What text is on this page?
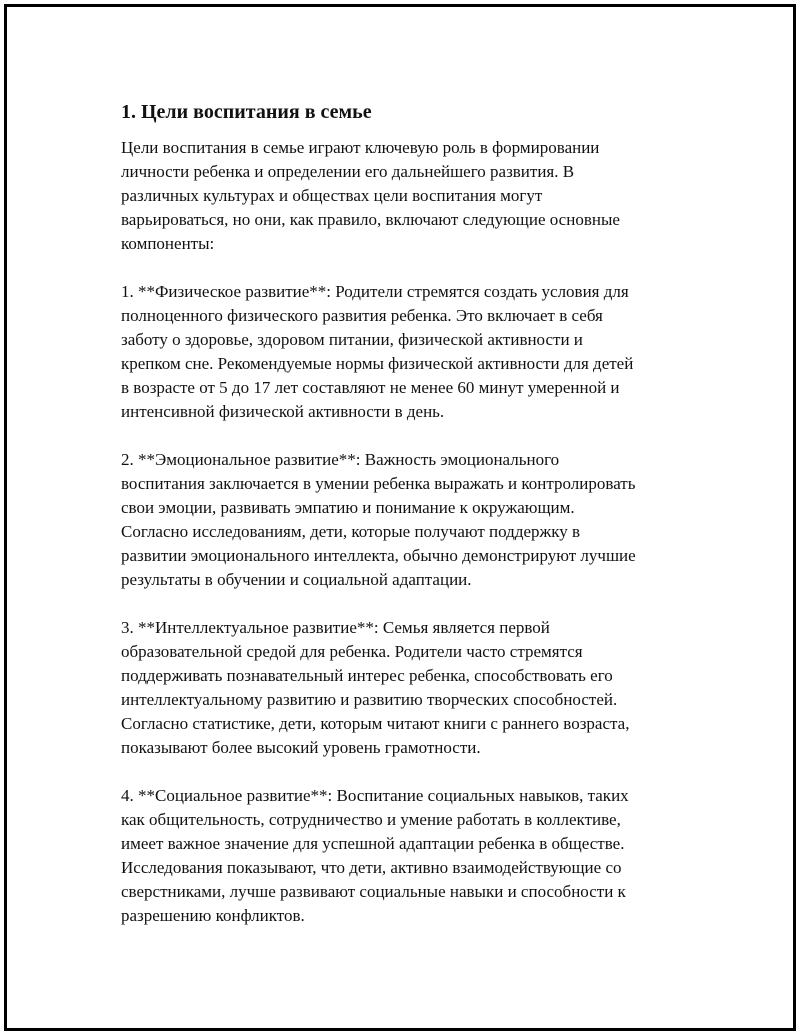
1. Цели воспитания в семье

Цели воспитания в семье играют ключевую роль в формировании
личности ребенка и определении его дальнейшего развития. В
различных культурах и обществах цели воспитания могут
варьироваться, но они, как правило, включают следующие основные
компоненты:

1. **Физическое развитие**: Родители стремятся создать условия для
полноценного физического развития ребенка. Это включает в себя
заботу о здоровье, здоровом питании, физической активности и
крепком сне. Рекомендуемые нормы физической активности для детей
в возрасте от 5 до 17 лет составляют не менее 60 минут умеренной и
интенсивной физической активности в день.

2. **Эмоциональное развитие**: Важность эмоционального
воспитания заключается в умении ребенка выражать и контролировать
свои эмоции, развивать эмпатию и понимание к окружающим.
Согласно исследованиям, дети, которые получают поддержку в
развитии эмоционального интеллекта, обычно демонстрируют лучшие
результаты в обучении и социальной адаптации.

3. **Интеллектуальное развитие**: Семья является первой
образовательной средой для ребенка. Родители часто стремятся
поддерживать познавательный интерес ребенка, способствовать его
интеллектуальному развитию и развитию творческих способностей.
Согласно статистике, дети, которым читают книги с раннего возраста,
показывают более высокий уровень грамотности.

4. **Социальное развитие**: Воспитание социальных навыков, таких
как общительность, сотрудничество и умение работать в коллективе,
имеет важное значение для успешной адаптации ребенка в обществе.
Исследования показывают, что дети, активно взаимодействующие со
сверстниками, лучше развивают социальные навыки и способности к
разрешению конфликтов.
